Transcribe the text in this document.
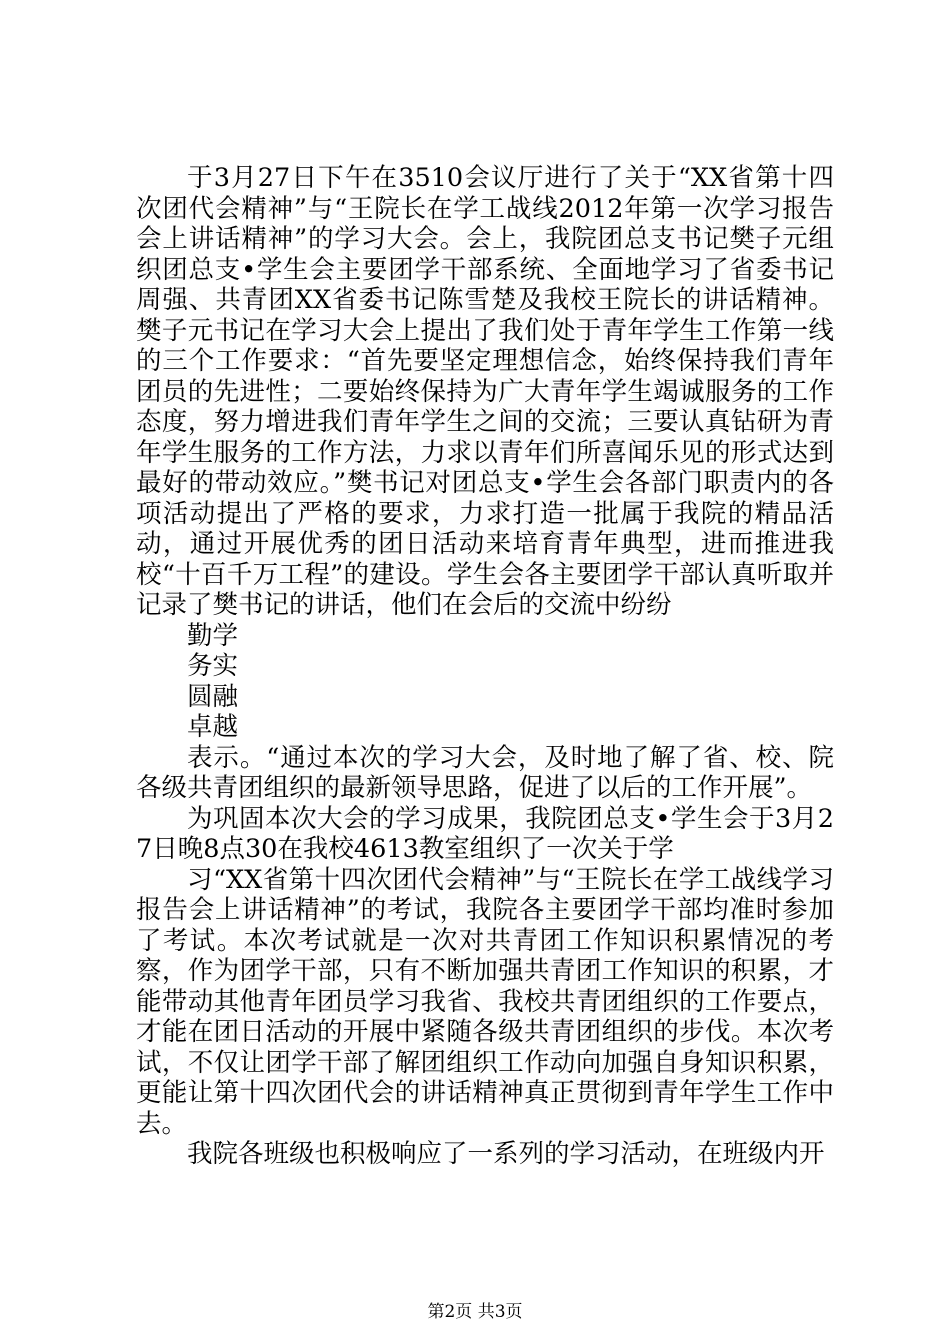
于3月27日下午在3510会议厅进行了关于“XX省第十四次团代会精神”与“王院长在学工战线2012年第一次学习报告会上讲话精神”的学习大会。会上，我院团总支书记樊子元组织团总支•学生会主要团学干部系统、全面地学习了省委书记周强、共青团XX省委书记陈雪楚及我校王院长的讲话精神。樊子元书记在学习大会上提出了我们处于青年学生工作第一线的三个工作要求：“首先要坚定理想信念，始终保持我们青年团员的先进性；二要始终保持为广大青年学生竭诚服务的工作态度，努力增进我们青年学生之间的交流；三要认真钻研为青年学生服务的工作方法，力求以青年们所喜闻乐见的形式达到最好的带动效应。”樊书记对团总支•学生会各部门职责内的各项活动提出了严格的要求，力求打造一批属于我院的精品活动，通过开展优秀的团日活动来培育青年典型，进而推进我校“十百千万工程”的建设。学生会各主要团学干部认真听取并记录了樊书记的讲话，他们在会后的交流中纷纷

勤学
务实
圆融
卓越

表示。“通过本次的学习大会，及时地了解了省、校、院各级共青团组织的最新领导思路，促进了以后的工作开展”。

为巩固本次大会的学习成果，我院团总支•学生会于3月27日晚8点30在我校4613教室组织了一次关于学

习“XX省第十四次团代会精神”与“王院长在学工战线学习报告会上讲话精神”的考试，我院各主要团学干部均准时参加了考试。本次考试就是一次对共青团工作知识积累情况的考察，作为团学干部，只有不断加强共青团工作知识的积累，才能带动其他青年团员学习我省、我校共青团组织的工作要点，才能在团日活动的开展中紧随各级共青团组织的步伐。本次考试，不仅让团学干部了解团组织工作动向加强自身知识积累，更能让第十四次团代会的讲话精神真正贯彻到青年学生工作中去。

我院各班级也积极响应了一系列的学习活动，在班级内开

第2页 共3页
